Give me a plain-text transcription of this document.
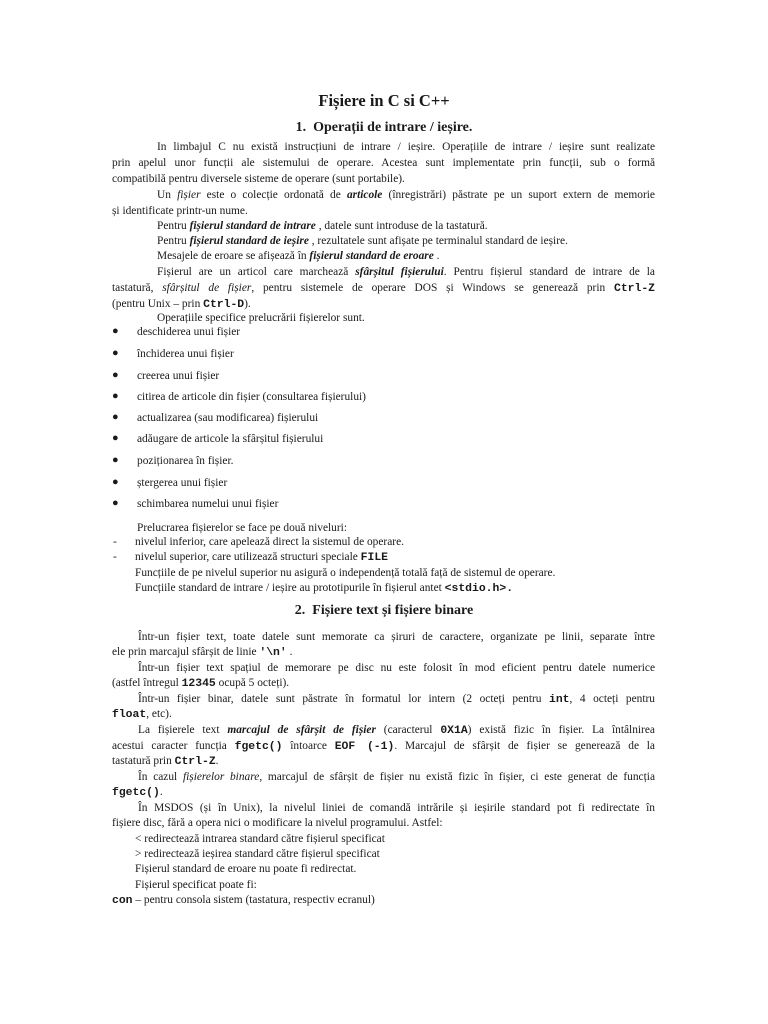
Fișiere in C si C++
1. Operații de intrare / ieșire.
In limbajul C nu există instrucțiuni de intrare / ieșire. Operațiile de intrare / ieșire sunt realizate
prin apelul unor funcții ale sistemului de operare. Acestea sunt implementate prin funcții, sub o formă
compatibilă pentru diversele sisteme de operare (sunt portabile).
Un fișier este o colecție ordonată de articole (înregistrări) păstrate pe un suport extern de memorie
și identificate printr-un nume.
Pentru fișierul standard de intrare , datele sunt introduse de la tastatură.
Pentru fișierul standard de ieșire , rezultatele sunt afișate pe terminalul standard de ieșire.
Mesajele de eroare se afișează în fișierul standard de eroare .
Fișierul are un articol care marchează sfârșitul fișierului. Pentru fișierul standard de intrare de la
tastatură, sfârșitul de fișier, pentru sistemele de operare DOS și Windows se generează prin Ctrl-Z
(pentru Unix – prin Ctrl-D).
Operațiile specifice prelucrării fișierelor sunt.
● deschiderea unui fișier
● închiderea unui fișier
● creerea unui fișier
● citirea de articole din fișier (consultarea fișierului)
● actualizarea (sau modificarea) fișierului
● adăugare de articole la sfârșitul fișierului
● poziționarea în fișier.
● ștergerea unui fișier
● schimbarea numelui unui fișier
Prelucrarea fișierelor se face pe două niveluri:
- nivelul inferior, care apelează direct la sistemul de operare.
- nivelul superior, care utilizează structuri speciale FILE
Funcțiile de pe nivelul superior nu asigură o independență totală față de sistemul de operare.
Funcțiile standard de intrare / ieșire au prototipurile în fișierul antet <stdio.h>.
2. Fișiere text și fișiere binare
Într-un fișier text, toate datele sunt memorate ca șiruri de caractere, organizate pe linii, separate între
ele prin marcajul sfârșit de linie '\n' .
Într-un fișier text spațiul de memorare pe disc nu este folosit în mod eficient pentru datele numerice
(astfel întregul 12345 ocupă 5 octeți).
Într-un fișier binar, datele sunt păstrate în formatul lor intern (2 octeți pentru int, 4 octeți pentru
float, etc).
La fișierele text marcajul de sfârșit de fișier (caracterul 0X1A) există fizic în fișier. La întâlnirea
acestui caracter funcția fgetc() întoarce EOF (-1). Marcajul de sfârșit de fișier se generează de la
tastatură prin Ctrl-Z.
În cazul fișierelor binare, marcajul de sfârșit de fișier nu există fizic în fișier, ci este generat de funcția
fgetc().
În MSDOS (și în Unix), la nivelul liniei de comandă intrările și ieșirile standard pot fi redirectate în
fișiere disc, fără a opera nici o modificare la nivelul programului. Astfel:
< redirectează intrarea standard către fișierul specificat
> redirectează ieșirea standard către fișierul specificat
Fișierul standard de eroare nu poate fi redirectat.
Fișierul specificat poate fi:
con – pentru consola sistem (tastatura, respectiv ecranul)
